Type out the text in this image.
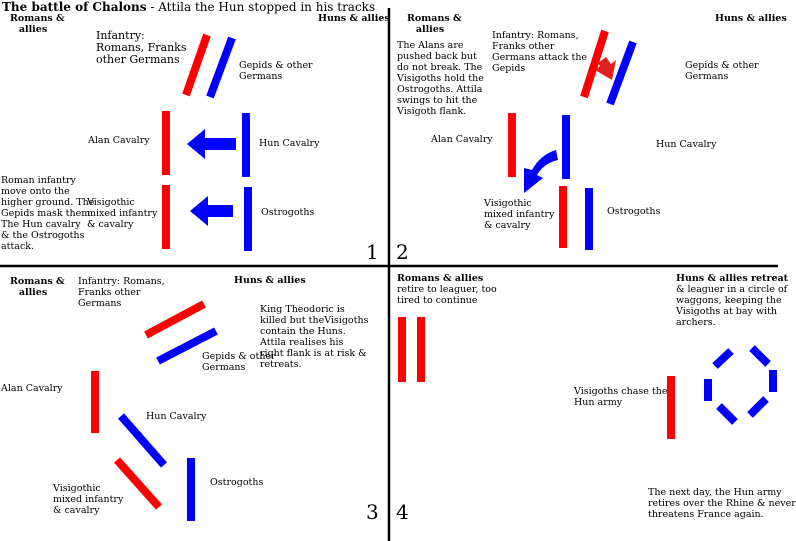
The battle of Chalons - Attila the Hun stopped in his tracks
Romans &
allies
Huns & allies
Infantry:
Romans, Franks
other Germans	Gepids & other
Germans
Alan Cavalry	Hun Cavalry
Roman infantry
move onto the
higher ground. The
Gepids mask them.
The Hun cavalry
& the Ostrogoths
attack.
Visigothic
mixed infantry
& cavalry
Ostrogoths
1
Romans &
allies
Huns & allies
The Alans are
pushed back but
do not break. The
Visigoths hold the
Ostrogoths. Attila
swings to hit the
Visigoth flank.
Infantry: Romans,
Franks other
Germans attack the
Gepids	Gepids & other
Germans
Alan Cavalry	Hun Cavalry
Visigothic
mixed infantry
& cavalry
Ostrogoths
2
Romans &
allies
Huns & allies
Infantry: Romans,
Franks other
Germans
King Theodoric is
killed but theVisigoths
contain the Huns.
Attila realises his
right flank is at risk &
retreats.
Gepids & other
Germans
Alan Cavalry
Hun Cavalry
Visigothic
mixed infantry
& cavalry
Ostrogoths
3
Romans & allies
retire to leaguer, too
tired to continue
Huns & allies retreat
& leaguer in a circle of
waggons, keeping the
Visigoths at bay with
archers.
Visigoths chase the
Hun army
The next day, the Hun army
retires over the Rhine & never
threatens France again.
4
